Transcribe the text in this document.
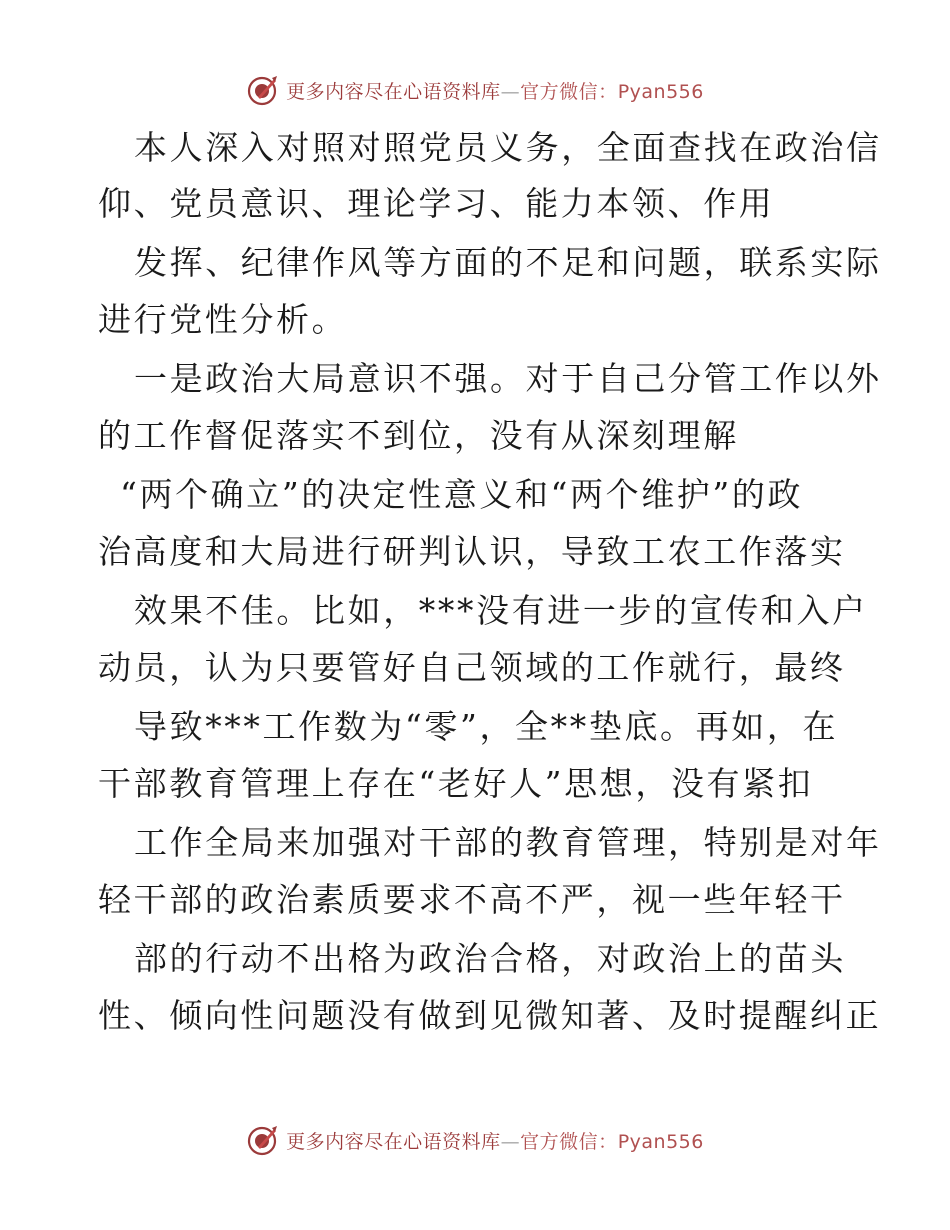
更多内容尽在心语资料库—官方微信：Pyan556
本人深入对照对照党员义务，全面查找在政治信
仰、党员意识、理论学习、能力本领、作用
发挥、纪律作风等方面的不足和问题，联系实际
进行党性分析。
一是政治大局意识不强。对于自己分管工作以外
的工作督促落实不到位，没有从深刻理解
“两个确立”的决定性意义和“两个维护”的政
治高度和大局进行研判认识，导致工农工作落实
效果不佳。比如，***没有进一步的宣传和入户
动员，认为只要管好自己领域的工作就行，最终
导致***工作数为“零”，全**垫底。再如，在
干部教育管理上存在“老好人”思想，没有紧扣
工作全局来加强对干部的教育管理，特别是对年
轻干部的政治素质要求不高不严，视一些年轻干
部的行动不出格为政治合格，对政治上的苗头
性、倾向性问题没有做到见微知著、及时提醒纠正
更多内容尽在心语资料库—官方微信：Pyan556
